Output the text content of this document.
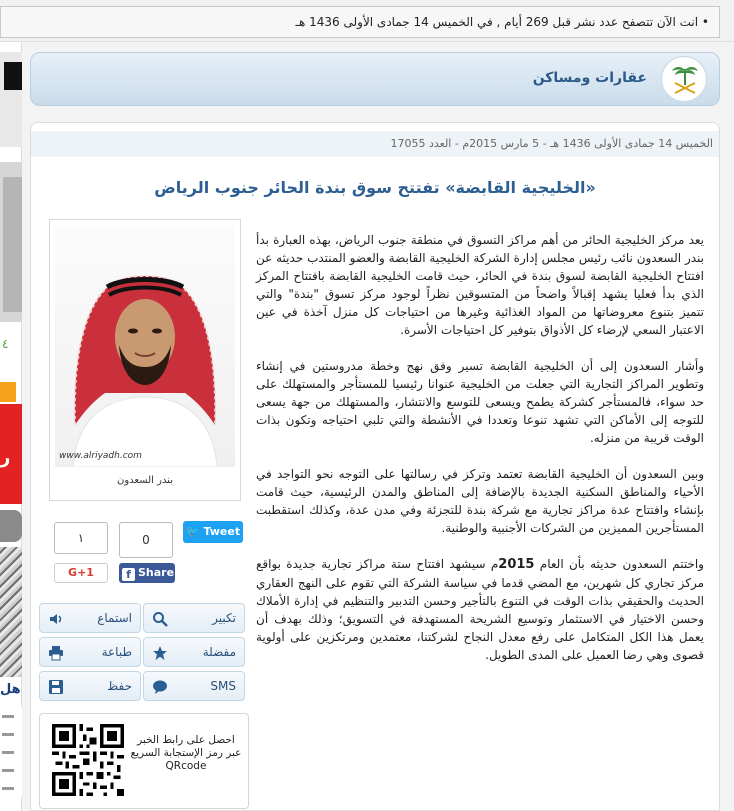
• انت الآن تتصفح عدد نشر قبل 269 أيام , في الخميس 14 جمادى الأولى 1436 هـ
٤
ر
هل
عقارات ومساكن
الخميس 14 جمادى الأولى 1436 هـ - 5 مارس 2015م - العدد 17055
«الخليجية القابضة» تفتتح سوق بندة الحائر جنوب الرياض

يعد مركز الخليجية الحائر من أهم مراكز التسوق في منطقة جنوب الرياض، بهذه العبارة بدأ بندر السعدون نائب رئيس مجلس إدارة الشركة الخليجية القابضة والعضو المنتدب حديثه عن افتتاح الخليجية القابضة لسوق بندة في الحائر، حيث قامت الخليجية القابضة بافتتاح المركز الذي بدأ فعليا يشهد إقبالاً واضحاً من المتسوقين نظراً لوجود مركز تسوق "بندة" والتي تتميز بتنوع معروضاتها من المواد الغذائية وغيرها من احتياجات كل منزل آخذة في عين الاعتبار السعي لإرضاء كل الأذواق بتوفير كل احتياجات الأسرة.

وأشار السعدون إلى أن الخليجية القابضة تسير وفق نهج وخطة مدروستين في إنشاء وتطوير المراكز التجارية التي جعلت من الخليجية عنوانا رئيسيا للمستأجر والمستهلك على حد سواء، فالمستأجر كشركة يطمح ويسعى للتوسع والانتشار، والمستهلك من جهة يسعى للتوجه إلى الأماكن التي تشهد تنوعا وتعددا في الأنشطة والتي تلبي احتياجه وتكون بذات الوقت قريبة من منزله.

وبين السعدون أن الخليجية القابضة تعتمد وتركز في رسالتها على التوجه نحو التواجد في الأحياء والمناطق السكنية الجديدة بالإضافة إلى المناطق والمدن الرئيسية، حيث قامت بإنشاء وافتتاح عدة مراكز تجارية مع شركة بندة للتجزئة وفي مدن عدة، وكذلك استقطبت المستأجرين المميزين من الشركات الأجنبية والوطنية.

واختتم السعدون حديثه بأن العام 2015م سيشهد افتتاح ستة مراكز تجارية جديدة بواقع مركز تجاري كل شهرين، مع المضي قدما في سياسة الشركة التي تقوم على النهج العقاري الحديث والحقيقي بذات الوقت في التنوع بالتأجير وحسن التدبير والتنظيم في إدارة الأملاك وحسن الاختيار في الاستثمار وتوسيع الشريحة المستهدفة في التسويق؛ وذلك بهدف أن يعمل هذا الكل المتكامل على رفع معدل النجاح لشركتنا، معتمدين ومرتكزين على أولوية قصوى وهي رضا العميل على المدى الطويل.

www.alriyadh.com
بندر السعدون
🐦 Tweet
0
١
f Share
G+1
تكبير
استماع
مفضلة
طباعة
SMS
حفظ
احصل على رابط الخبر عبر رمز الإستجابة السريع QRcode
